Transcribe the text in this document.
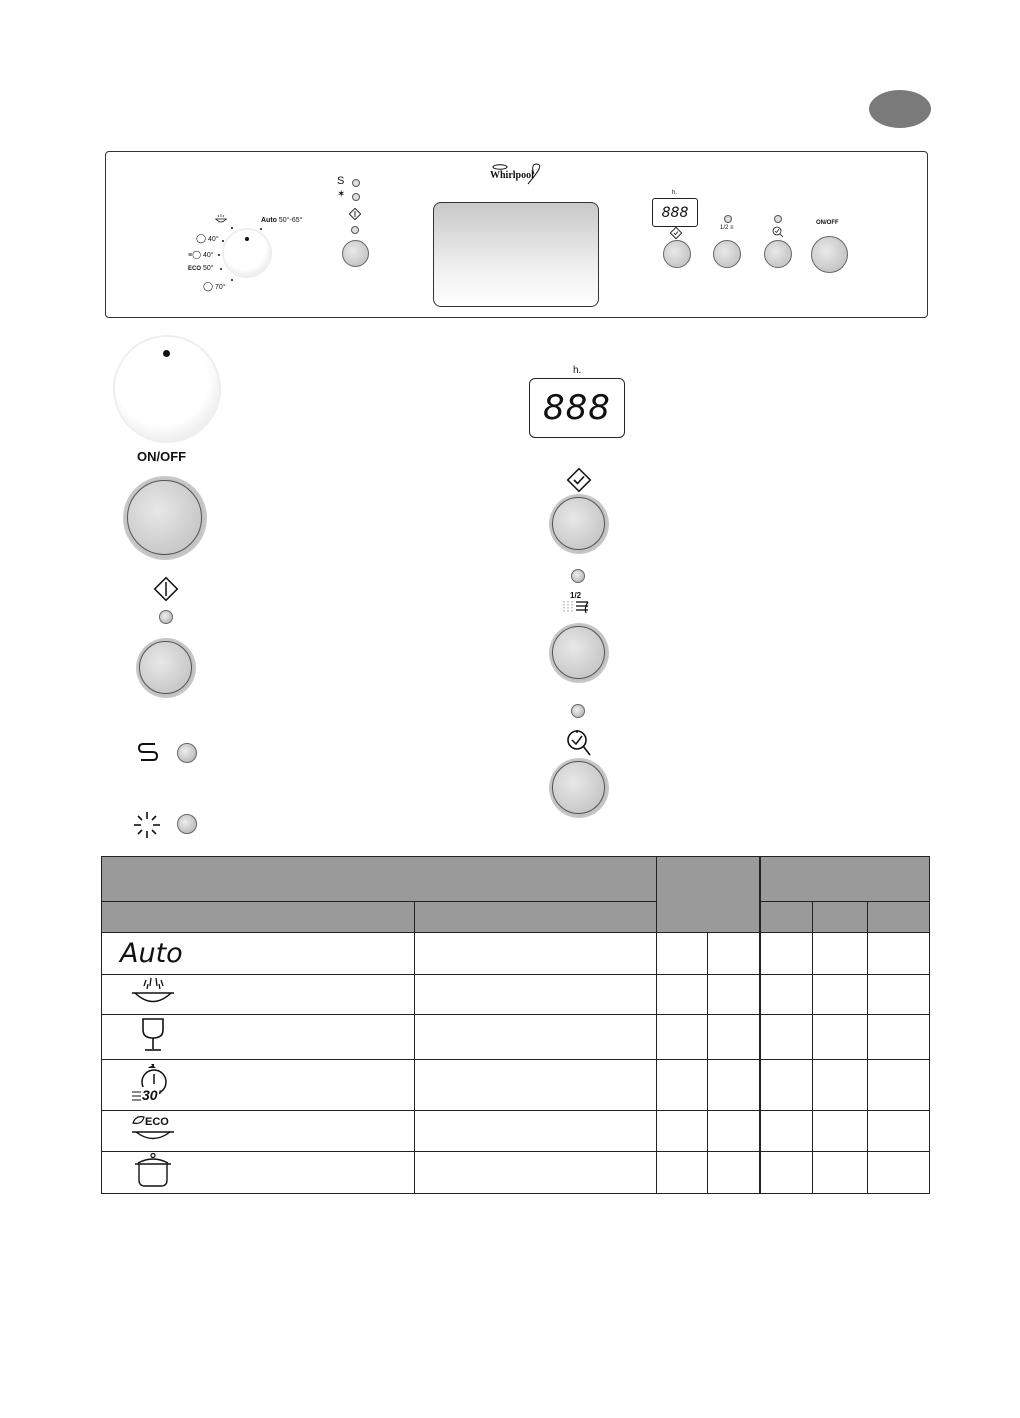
Whirlpool
Auto 50°-65°
◯ 40°
≡◯ 40°
ECO 50°
◯ 70°
S
✶	h.
888
ON/OFF
1/2 ≡
ON/OFF
h.
888
1/2

Auto						

30'						

ECO						
